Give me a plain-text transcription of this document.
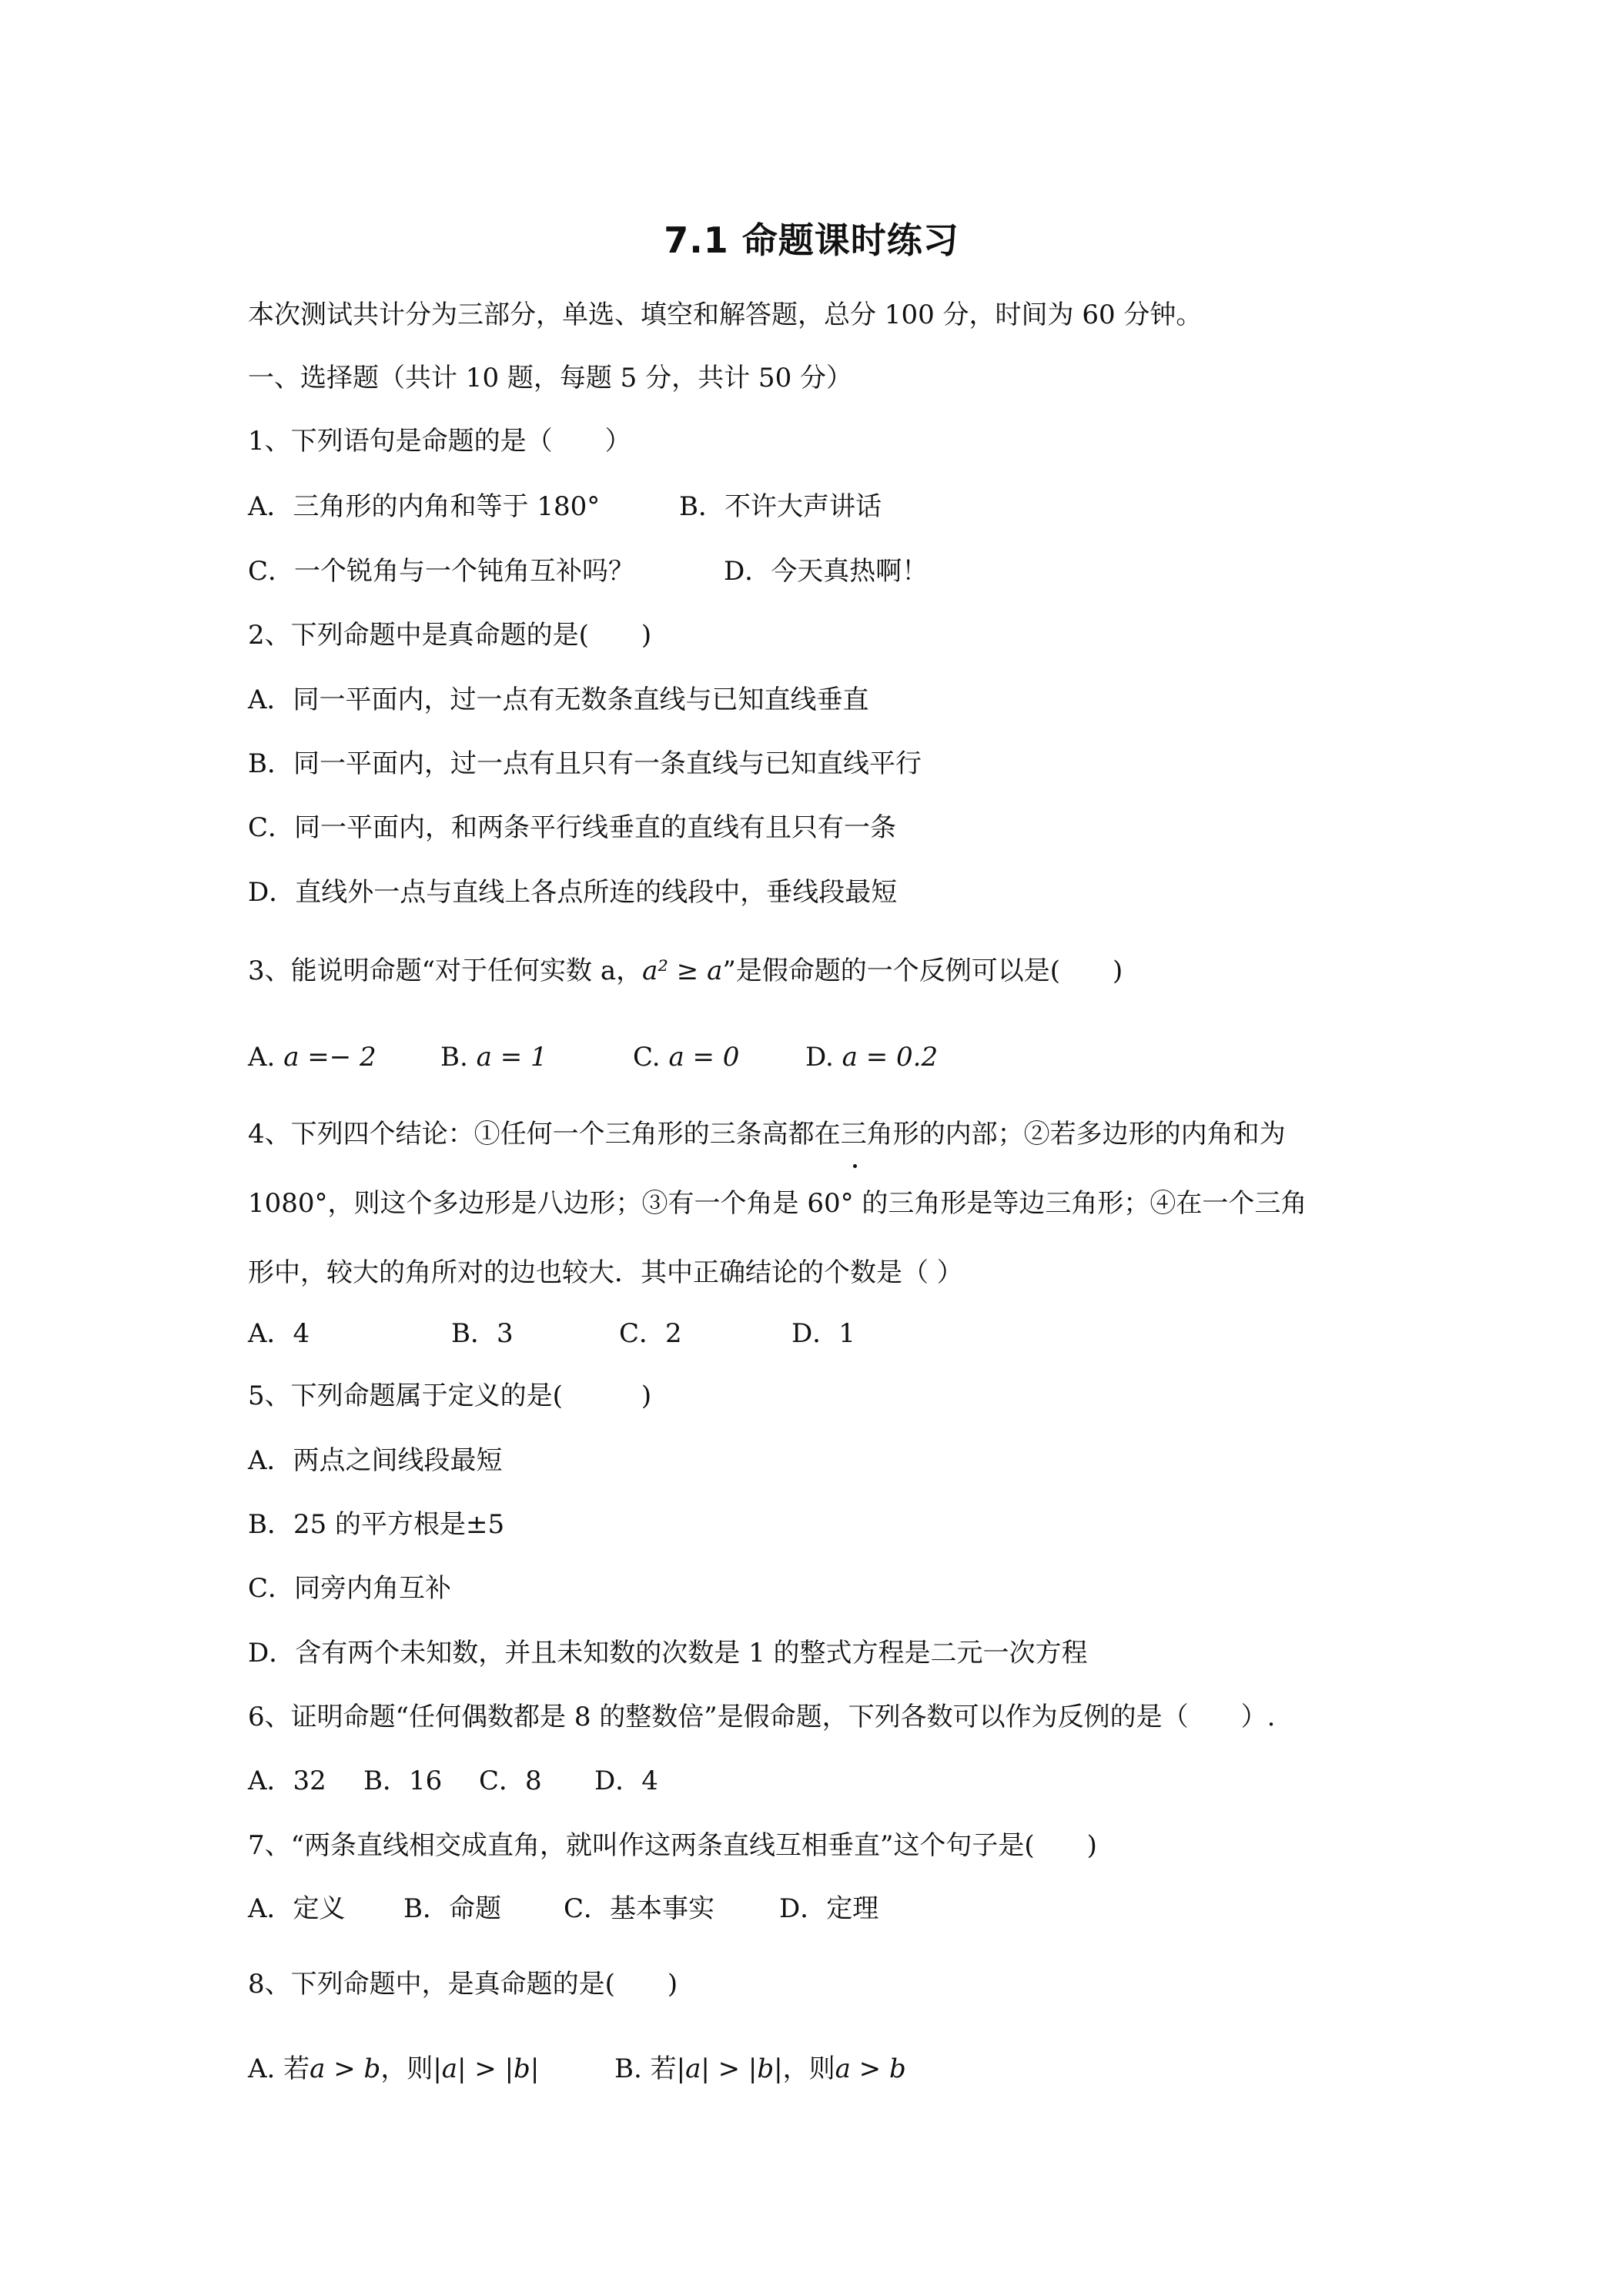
7.1 命题课时练习
本次测试共计分为三部分，单选、填空和解答题，总分 100 分，时间为 60 分钟。
一、选择题（共计 10 题，每题 5 分，共计 50 分）
1、下列语句是命题的是（　　）
A．三角形的内角和等于 180°	B．不许大声讲话
C．一个锐角与一个钝角互补吗？	D．今天真热啊！
2、下列命题中是真命题的是(　　)
A．同一平面内，过一点有无数条直线与已知直线垂直
B．同一平面内，过一点有且只有一条直线与已知直线平行
C．同一平面内，和两条平行线垂直的直线有且只有一条
D．直线外一点与直线上各点所连的线段中，垂线段最短
3、能说明命题“对于任何实数 a，a² ≥ a”是假命题的一个反例可以是(　　)
A. a =− 2 B. a = 1	C. a = 0	D. a = 0.2
4、下列四个结论：①任何一个三角形的三条高都在三角形的内部；②若多边形的内角和为
1080°，则这个多边形是八边形；③有一个角是 60° 的三角形是等边三角形；④在一个三角
形中，较大的角所对的边也较大．其中正确结论的个数是（ ）
A．4	B．3	C．2	D．1
5、下列命题属于定义的是(　　　)
A．两点之间线段最短
B．25 的平方根是±5
C．同旁内角互补
D．含有两个未知数，并且未知数的次数是 1 的整式方程是二元一次方程
6、证明命题“任何偶数都是 8 的整数倍”是假命题，下列各数可以作为反例的是（　　）.
A．32 B．16 C．8 D．4
7、“两条直线相交成直角，就叫作这两条直线互相垂直”这个句子是(　　)
A．定义 B．命题 C．基本事实 D．定理
8、下列命题中，是真命题的是(　　)
A. 若a > b，则|a| > |b|	B. 若|a| > |b|，则a > b
